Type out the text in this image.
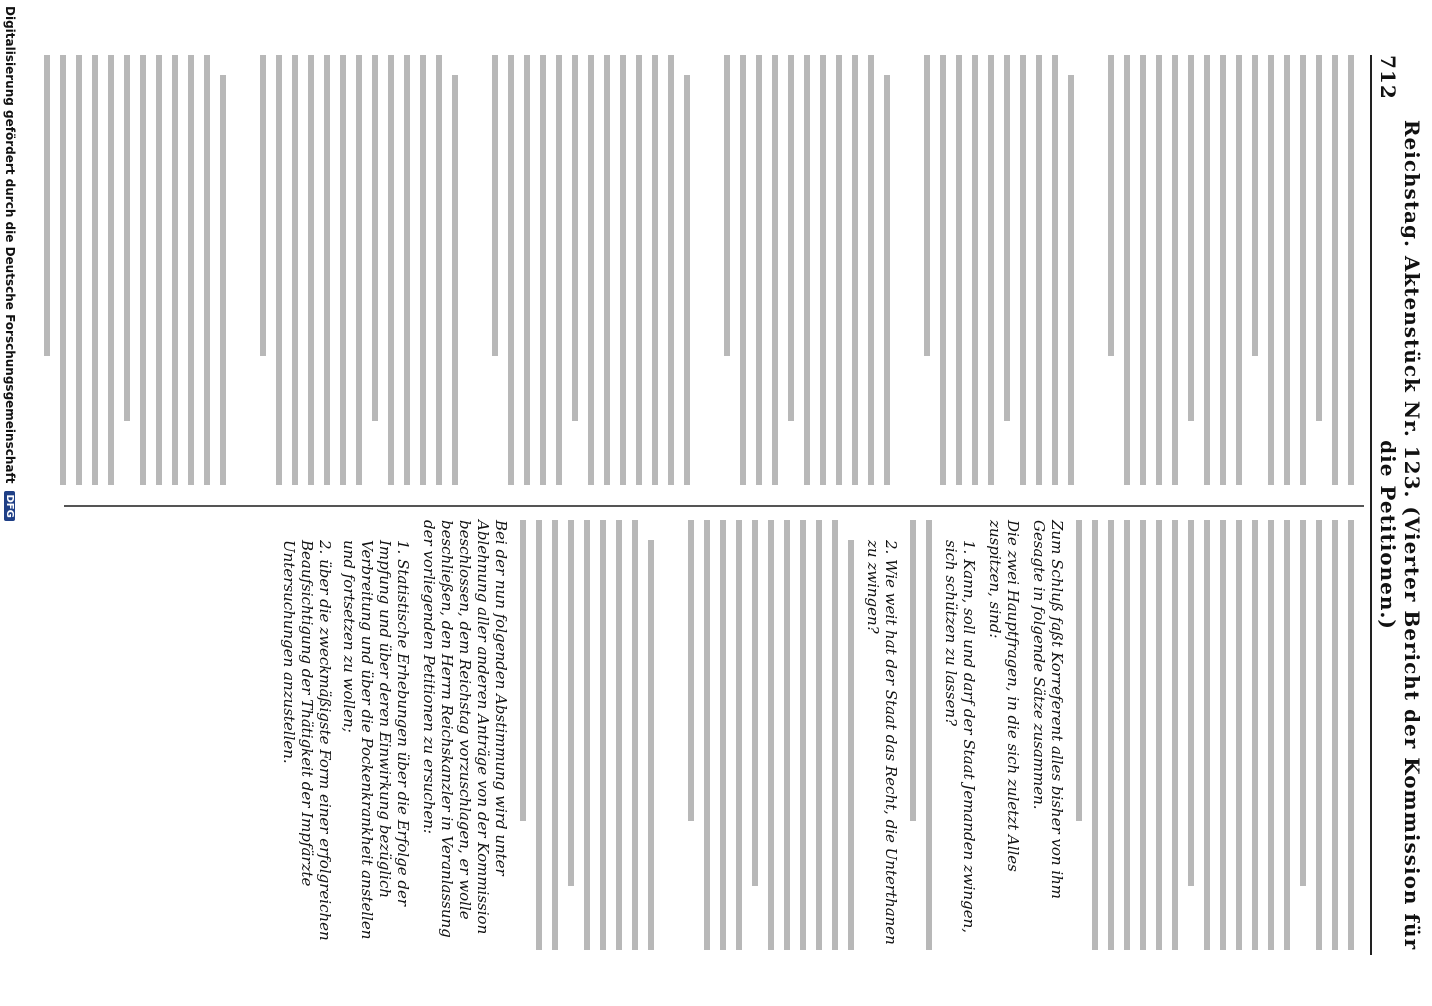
712
Reichstag. Aktenstück Nr. 123. (Vierter Bericht der Kommission für die Petitionen.)
Zum Schluß faßt Korreferent alles bisher von ihm Gesagte in folgende Sätze zusammen.
Die zwei Hauptfragen, in die sich zuletzt Alles zuspitzen, sind:
1. Kann, soll und darf der Staat Jemanden zwingen, sich schützen zu lassen?
2. Wie weit hat der Staat das Recht, die Unterthanen zu zwingen?
Bei der nun folgenden Abstimmung wird unter Ablehnung aller anderen Anträge von der Kommission beschlossen, dem Reichstag vorzuschlagen, er wolle beschließen, den Herrn Reichskanzler in Veranlassung der vorliegenden Petitionen zu ersuchen:
1. Statistische Erhebungen über die Erfolge der Impfung und über deren Einwirkung bezüglich Verbreitung und über die Pockenkrankheit anstellen und fortsetzen zu wollen;
2. über die zweckmäßigste Form einer erfolgreichen Beaufsichtigung der Thätigkeit der Impfärzte Untersuchungen anzustellen.
Digitalisierung gefördert durch die Deutsche Forschungsgemeinschaft
DFG
